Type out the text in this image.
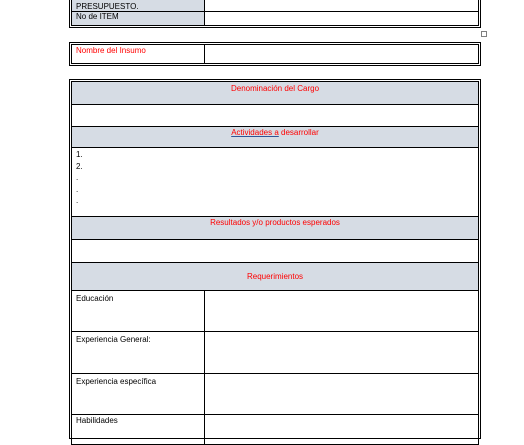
PRESUPUESTO.	
No de ITEM	
Nombre del Insumo	
Denominación del Cargo	

Actividades a desarrollar	

1.
2.
.
.
.	

Resultados y/o productos esperados	

Requerimientos	
Educación	
Experiencia General:	
Experiencia específica	
Habilidades	
